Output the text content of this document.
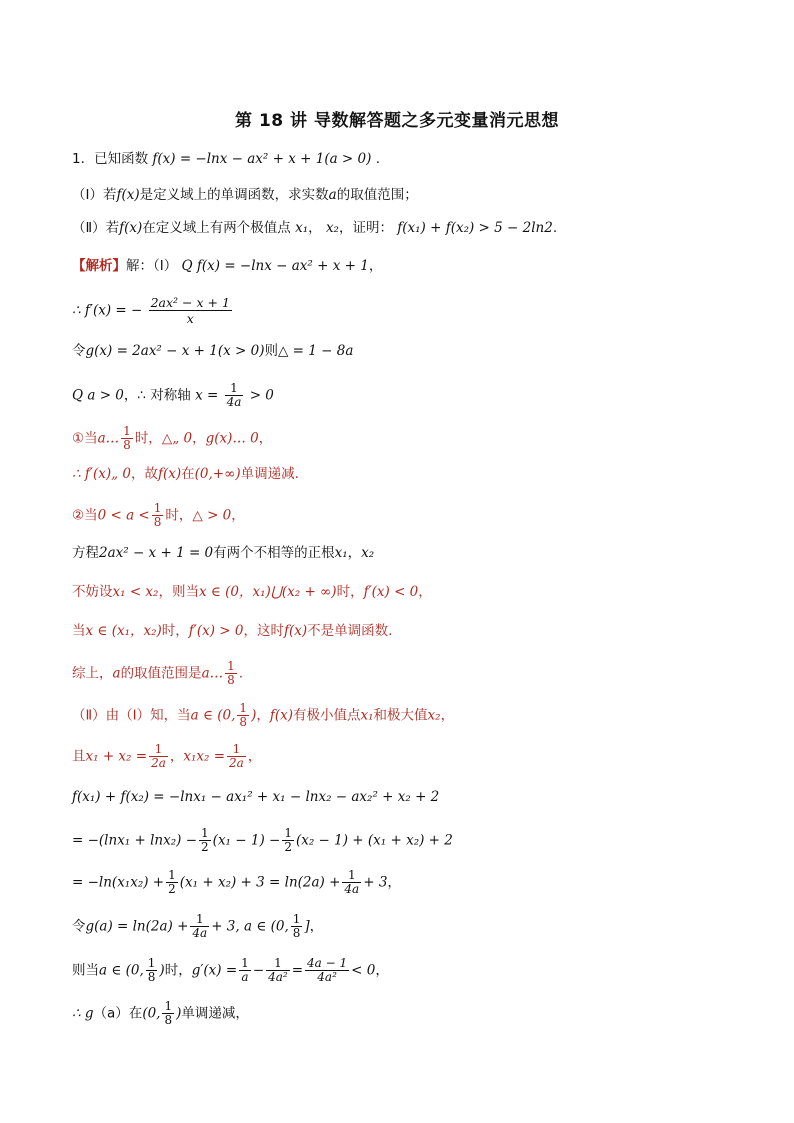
第 18 讲 导数解答题之多元变量消元思想
1．已知函数 f(x) = −lnx − ax² + x + 1(a > 0) .
（Ⅰ）若f(x)是定义域上的单调函数，求实数a的取值范围；
（Ⅱ）若f(x)在定义域上有两个极值点 x₁， x₂，证明： f(x₁) + f(x₂) > 5 − 2ln2.
【解析】解：（Ⅰ） Q f(x) = −lnx − ax² + x + 1，
∴ f′(x) = − $\frac{\text{2ax² − x + 1}}{x}$
令g(x) = 2ax² − x + 1(x > 0)则△ = 1 − 8a
Q a > 0，∴ 对称轴 $x = \frac{1}{4a} > 0$
①当a… $\frac{1}{8}$ 时，△„ 0，g(x)… 0，
∴ f′(x)„ 0，故f(x)在(0,+∞)单调递减.
②当$0 < a < \frac{1}{8}$ 时，△ > 0，
方程2ax² − x + 1 = 0有两个不相等的正根x₁，x₂
不妨设x₁ < x₂，则当x ∈ (0，x₁)⋃(x₂ + ∞)时，f′(x) < 0，
当x ∈ (x₁，x₂)时，f′(x) > 0，这时f(x)不是单调函数.
综上，a的取值范围是a… $\frac{1}{8}$ .
（Ⅱ）由（Ⅰ）知，当a ∈ (0, $\frac{1}{8}$ )，f(x)有极小值点x₁和极大值x₂，
且$x_1 + x_2 = \frac{1}{2a}$ ，$x_1x_2 = \frac{1}{2a}$ ，
f(x₁) + f(x₂) = −lnx₁ − ax₁² + x₁ − lnx₂ − ax₂² + x₂ + 2
= $-(\ln x_1 + \ln x_2) - \frac{1}{2} (x_1 - 1) - \frac{1}{2} (x_2 - 1) + (x_1 + x_2) + 2$
= $-\ln(x_1x_2) + \frac{1}{2} (x_1 + x_2) + 3 = \ln(2a) + \frac{1}{4a} + 3$，
令$g(a) = \ln(2a) + \frac{1}{4a} + 3$, a ∈ (0, $\frac{1}{8}$ ]，
则当a ∈ (0, $\frac{1}{8}$ )时，$g'(x) = \frac{1}{a} - \frac{1}{\text{4a²}} = \frac{4a - 1}{\text{4a²}} < 0$，
∴ g（a）在(0, $\frac{1}{8}$ )单调递减，
